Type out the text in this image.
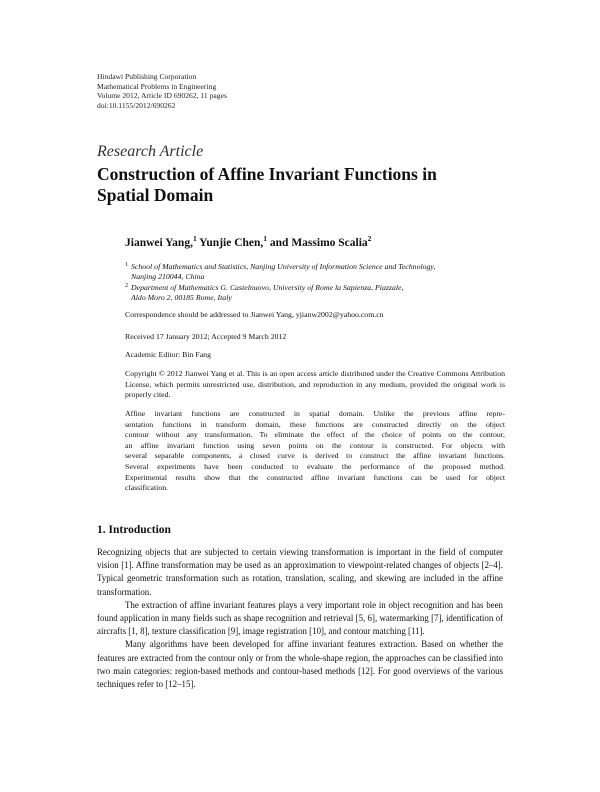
Hindawi Publishing Corporation
Mathematical Problems in Engineering
Volume 2012, Article ID 690262, 11 pages
doi:10.1155/2012/690262
Research Article
Construction of Affine Invariant Functions in
Spatial Domain
Jianwei Yang,$^1$ Yunjie Chen,$^1$ and Massimo Scalia$^2$
1 School of Mathematics and Statistics, Nanjing University of Information Science and Technology,
Nanjing 210044, China
2 Department of Mathematics G. Castelnuovo, University of Rome la Sapienza, Piazzale,
Aldo Moro 2, 00185 Rome, Italy
Correspondence should be addressed to Jianwei Yang, yjianw2002@yahoo.com.cn
Received 17 January 2012; Accepted 9 March 2012
Academic Editor: Bin Fang
Copyright © 2012 Jianwei Yang et al. This is an open access article distributed under the Creative Commons Attribution License, which permits unrestricted use, distribution, and reproduction in any medium, provided the original work is properly cited.
Affine invariant functions are constructed in spatial domain. Unlike the previous affine repre-
sentation functions in transform domain, these functions are constructed directly on the object
contour without any transformation. To eliminate the effect of the choice of points on the contour,
an affine invariant function using seven points on the contour is constructed. For objects with
several separable components, a closed curve is derived to construct the affine invariant functions.
Several experiments have been conducted to evaluate the performance of the proposed method.
Experimental results show that the constructed affine invariant functions can be used for object
classification.
1. Introduction

Recognizing objects that are subjected to certain viewing transformation is important in the field of computer vision [1]. Affine transformation may be used as an approximation to viewpoint-related changes of objects [2–4]. Typical geometric transformation such as rotation, translation, scaling, and skewing are included in the affine transformation.

The extraction of affine invariant features plays a very important role in object recognition and has been found application in many fields such as shape recognition and retrieval [5, 6], watermarking [7], identification of aircrafts [1, 8], texture classification [9], image registration [10], and contour matching [11].

Many algorithms have been developed for affine invariant features extraction. Based on whether the features are extracted from the contour only or from the whole-shape region, the approaches can be classified into two main categories: region-based methods and contour-based methods [12]. For good overviews of the various techniques refer to [12–15].
